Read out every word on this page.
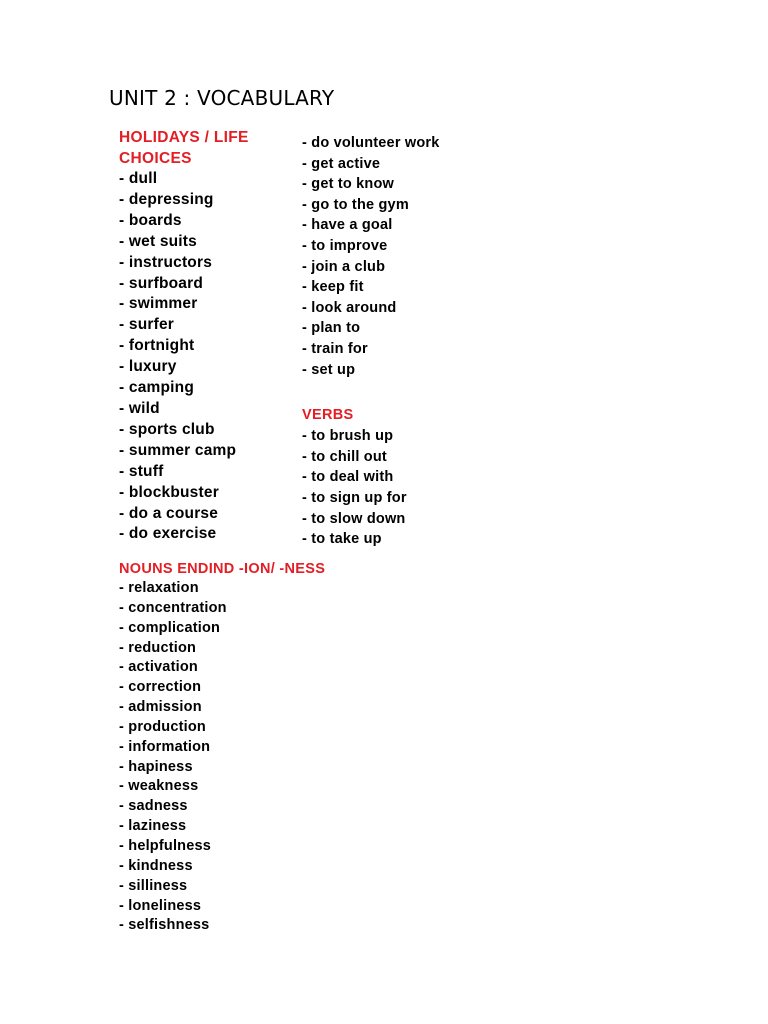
UNIT 2 : VOCABULARY
HOLIDAYS / LIFE
CHOICES
- dull
- depressing
- boards
- wet suits
- instructors
- surfboard
- swimmer
- surfer
- fortnight
- luxury
- camping
- wild
- sports club
- summer camp
- stuff
- blockbuster
- do a course
- do exercise
- do volunteer work
- get active
- get to know
- go to the gym
- have a goal
- to improve
- join a club
- keep fit
- look around
- plan to
- train for
- set up
VERBS
- to brush up
- to chill out
- to deal with
- to sign up for
- to slow down
- to take up
NOUNS ENDIND -ION/ -NESS
- relaxation
- concentration
- complication
- reduction
- activation
- correction
- admission
- production
- information
- hapiness
- weakness
- sadness
- laziness
- helpfulness
- kindness
- silliness
- loneliness
- selfishness
